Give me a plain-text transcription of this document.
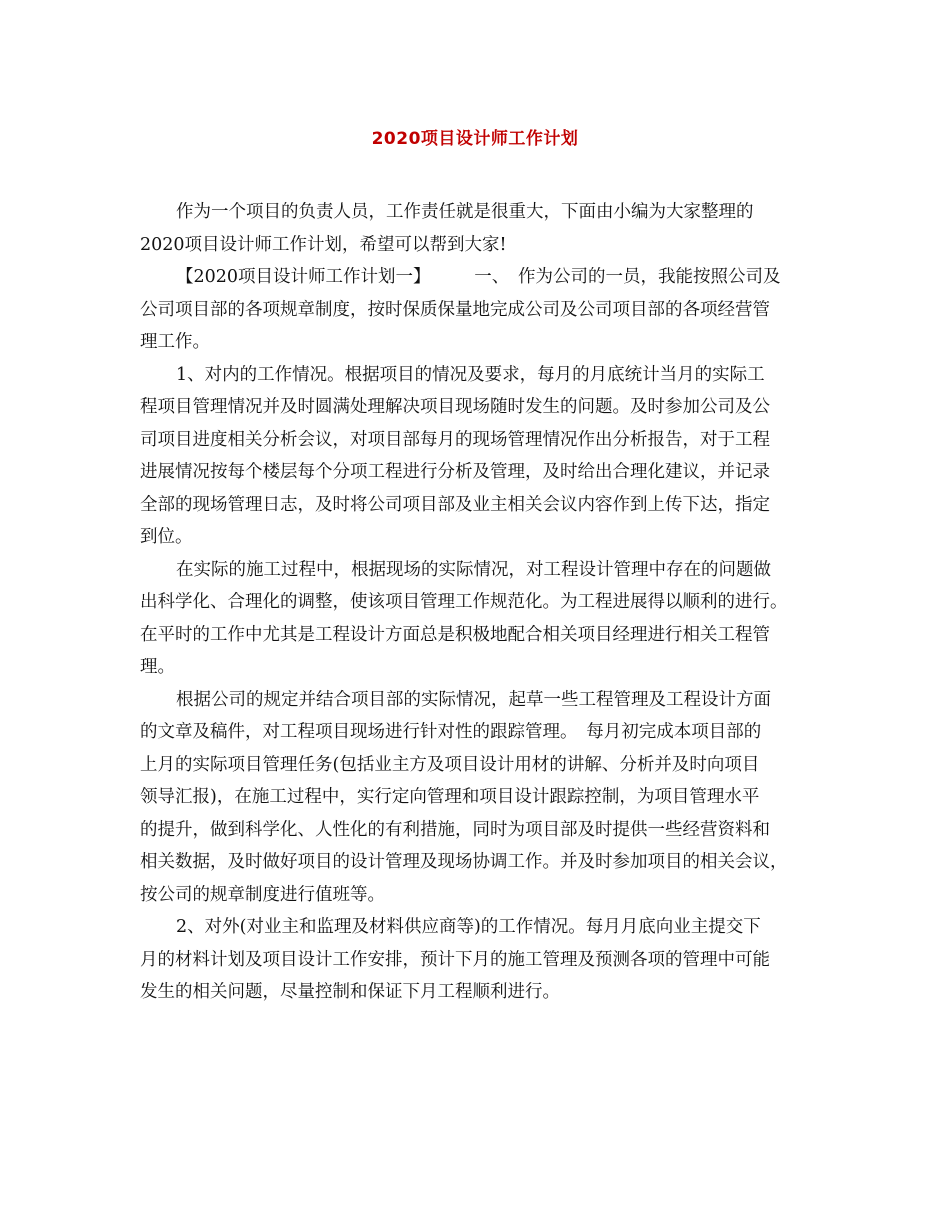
2020项目设计师工作计划
作为一个项目的负责人员，工作责任就是很重大，下面由小编为大家整理的
2020项目设计师工作计划，希望可以帮到大家!
【2020项目设计师工作计划一】　　　一、　作为公司的一员，我能按照公司及
公司项目部的各项规章制度，按时保质保量地完成公司及公司项目部的各项经营管
理工作。
1、对内的工作情况。根据项目的情况及要求，每月的月底统计当月的实际工
程项目管理情况并及时圆满处理解决项目现场随时发生的问题。及时参加公司及公
司项目进度相关分析会议，对项目部每月的现场管理情况作出分析报告，对于工程
进展情况按每个楼层每个分项工程进行分析及管理，及时给出合理化建议，并记录
全部的现场管理日志，及时将公司项目部及业主相关会议内容作到上传下达，指定
到位。
在实际的施工过程中，根据现场的实际情况，对工程设计管理中存在的问题做
出科学化、合理化的调整，使该项目管理工作规范化。为工程进展得以顺利的进行。
在平时的工作中尤其是工程设计方面总是积极地配合相关项目经理进行相关工程管
理。
根据公司的规定并结合项目部的实际情况，起草一些工程管理及工程设计方面
的文章及稿件，对工程项目现场进行针对性的跟踪管理。　每月初完成本项目部的
上月的实际项目管理任务(包括业主方及项目设计用材的讲解、分析并及时向项目
领导汇报)，在施工过程中，实行定向管理和项目设计跟踪控制，为项目管理水平
的提升，做到科学化、人性化的有利措施，同时为项目部及时提供一些经营资料和
相关数据，及时做好项目的设计管理及现场协调工作。并及时参加项目的相关会议，
按公司的规章制度进行值班等。
2、对外(对业主和监理及材料供应商等)的工作情况。每月月底向业主提交下
月的材料计划及项目设计工作安排，预计下月的施工管理及预测各项的管理中可能
发生的相关问题，尽量控制和保证下月工程顺利进行。
